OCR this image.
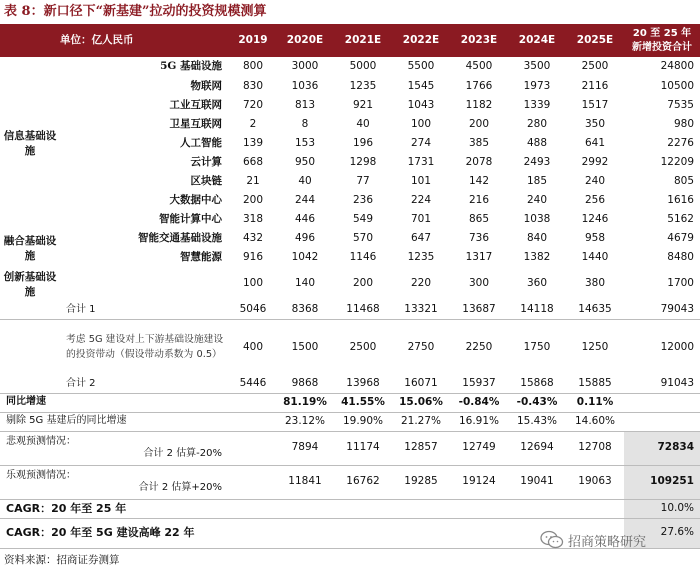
表 8：新口径下“新基建”拉动的投资规模测算
单位：亿人民币		2019	2020E	2021E	2022E	2023E	2024E	2025E	20 至 25 年新增投资合计
信息基础设施	5G 基础设施	800	3000	5000	5500	4500	3500	2500	24800
	物联网	830	1036	1235	1545	1766	1973	2116	10500
	工业互联网	720	813	921	1043	1182	1339	1517	7535
	卫星互联网	2	8	40	100	200	280	350	980
	人工智能	139	153	196	274	385	488	641	2276
	云计算	668	950	1298	1731	2078	2493	2992	12209
	区块链	21	40	77	101	142	185	240	805
	大数据中心	200	244	236	224	216	240	256	1616
	智能计算中心	318	446	549	701	865	1038	1246	5162
融合基础设施	智能交通基础设施	432	496	570	647	736	840	958	4679
	智慧能源	916	1042	1146	1235	1317	1382	1440	8480
创新基础设施		100	140	200	220	300	360	380	1700
	合计 1	5046	8368	11468	13321	13687	14118	14635	79043
	考虑 5G 建设对上下游基础设施建设的投资带动（假设带动系数为 0.5）	400	1500	2500	2750	2250	1750	1250	12000
	合计 2	5446	9868	13968	16071	15937	15868	15885	91043
同比增速			81.19%	41.55%	15.06%	-0.84%	-0.43%	0.11%	
剔除 5G 基建后的同比增速			23.12%	19.90%	21.27%	16.91%	15.43%	14.60%	

悲观预测情况：
合计 2 估算-20%			7894	11174	12857	12749	12694	12708	72834

乐观预测情况：
合计 2 估算+20%			11841	16762	19285	19124	19041	19063	109251
CAGR：20 年至 25 年									10.0%
CAGR：20 年至 5G 建设高峰 22 年									27.6%
资料来源：招商证券测算
招商策略研究
